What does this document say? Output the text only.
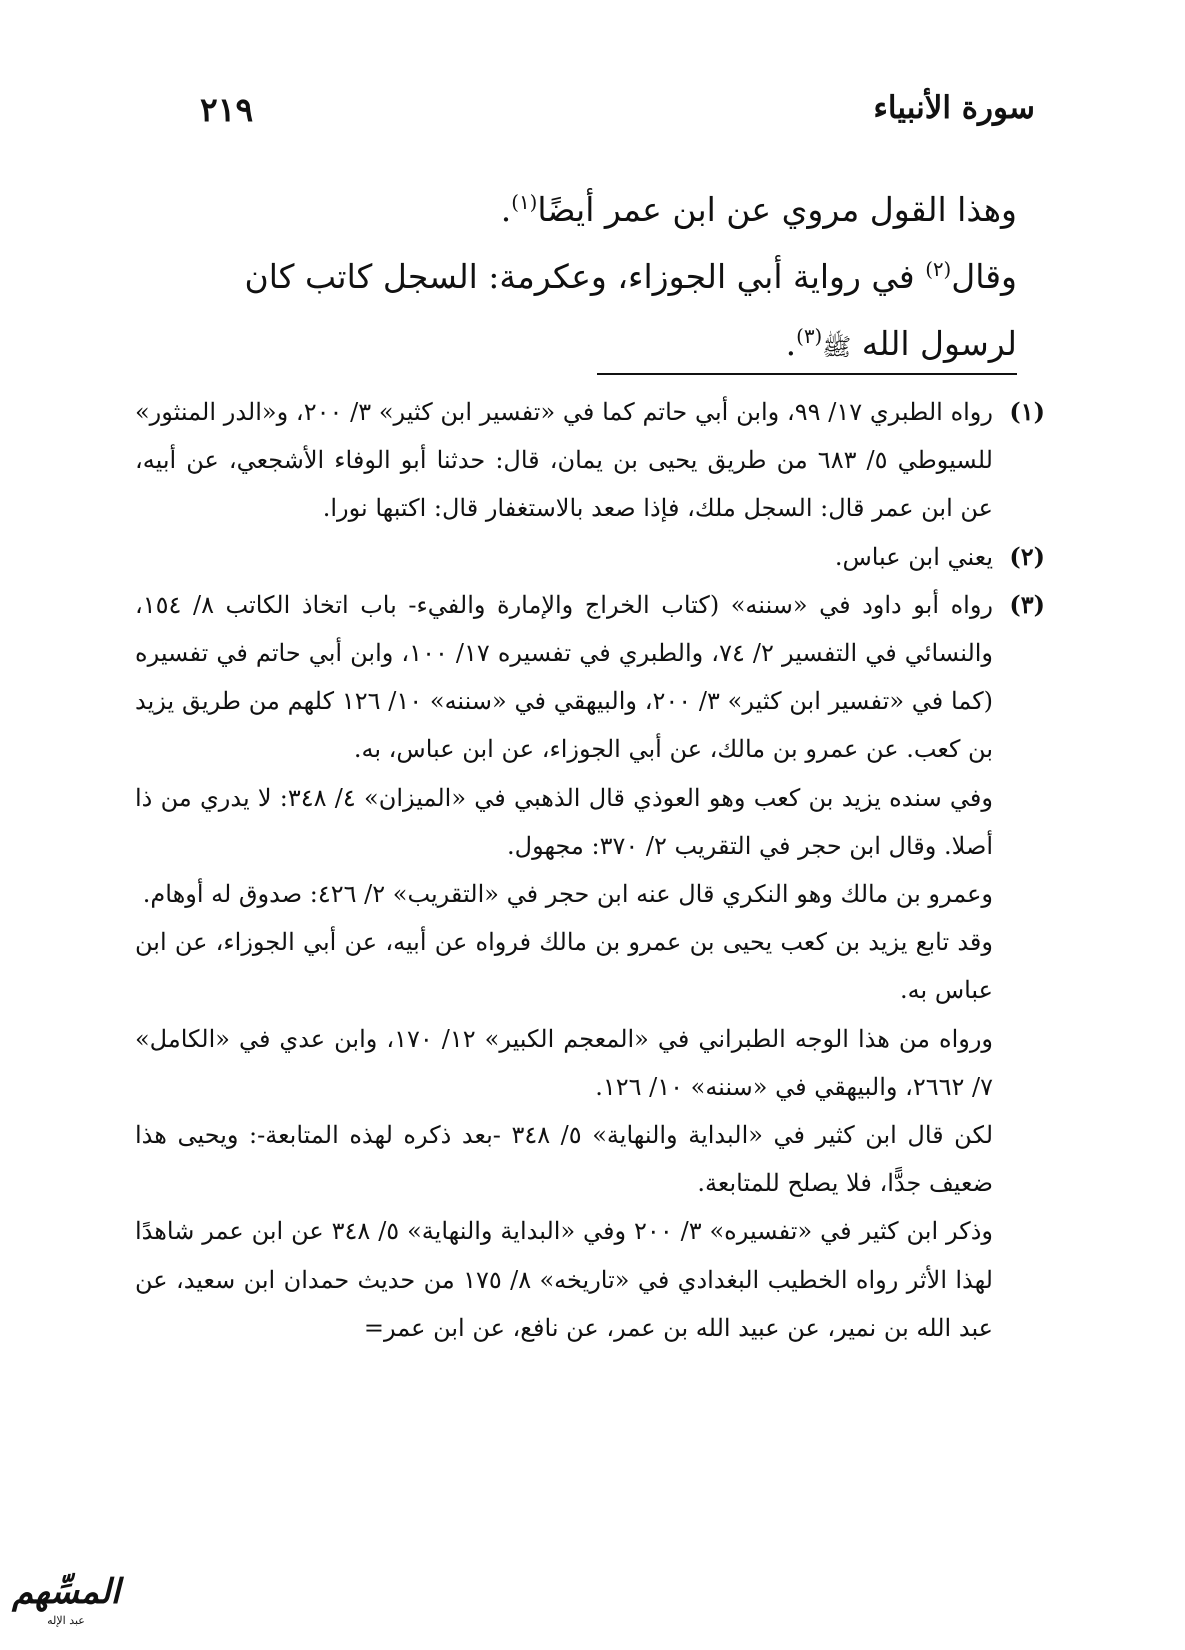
سورة الأنبياء
٢١٩

وهذا القول مروي عن ابن عمر أيضًا$^{(١)}$.

وقال$^{(٢)}$ في رواية أبي الجوزاء، وعكرمة: السجل كاتب كان لرسول الله ﷺ$^{(٣)}$.

(١)

رواه الطبري ١٧/ ٩٩، وابن أبي حاتم كما في «تفسير ابن كثير» ٣/ ٢٠٠، و«الدر المنثور» للسيوطي ٥/ ٦٨٣ من طريق يحيى بن يمان، قال: حدثنا أبو الوفاء الأشجعي، عن أبيه، عن ابن عمر قال: السجل ملك، فإذا صعد بالاستغفار قال: اكتبها نورا.

(٢)

يعني ابن عباس.

(٣)

رواه أبو داود في «سننه» (كتاب الخراج والإمارة والفيء- باب اتخاذ الكاتب ٨/ ١٥٤، والنسائي في التفسير ٢/ ٧٤، والطبري في تفسيره ١٧/ ١٠٠، وابن أبي حاتم في تفسيره (كما في «تفسير ابن كثير» ٣/ ٢٠٠، والبيهقي في «سننه» ١٠/ ١٢٦ كلهم من طريق يزيد بن كعب. عن عمرو بن مالك، عن أبي الجوزاء، عن ابن عباس، به.

وفي سنده يزيد بن كعب وهو العوذي قال الذهبي في «الميزان» ٤/ ٣٤٨: لا يدري من ذا أصلا. وقال ابن حجر في التقريب ٢/ ٣٧٠: مجهول.

وعمرو بن مالك وهو النكري قال عنه ابن حجر في «التقريب» ٢/ ٤٢٦: صدوق له أوهام.

وقد تابع يزيد بن كعب يحيى بن عمرو بن مالك فرواه عن أبيه، عن أبي الجوزاء، عن ابن عباس به.

ورواه من هذا الوجه الطبراني في «المعجم الكبير» ١٢/ ١٧٠، وابن عدي في «الكامل» ٧/ ٢٦٦٢، والبيهقي في «سننه» ١٠/ ١٢٦.

لكن قال ابن كثير في «البداية والنهاية» ٥/ ٣٤٨ -بعد ذكره لهذه المتابعة-: ويحيى هذا ضعيف جدًّا، فلا يصلح للمتابعة.

وذكر ابن كثير في «تفسيره» ٣/ ٢٠٠ وفي «البداية والنهاية» ٥/ ٣٤٨ عن ابن عمر شاهدًا لهذا الأثر رواه الخطيب البغدادي في «تاريخه» ٨/ ١٧٥ من حديث حمدان ابن سعيد، عن عبد الله بن نمير، عن عبيد الله بن عمر، عن نافع، عن ابن عمر=

المسِّهم
عبد الإله
